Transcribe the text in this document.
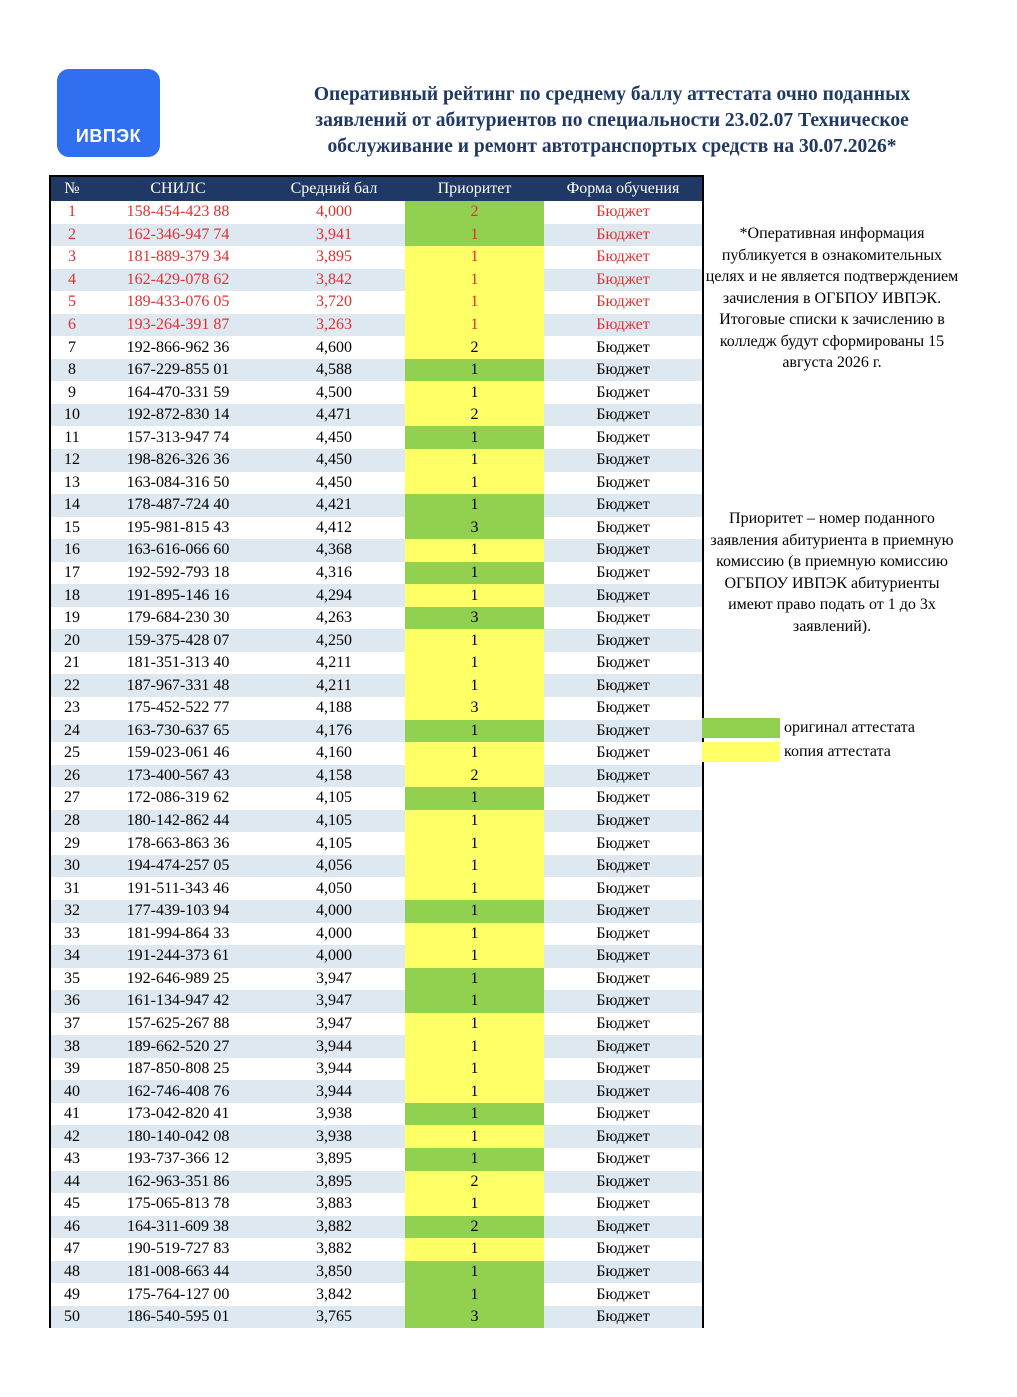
ИВПЭК
Оперативный рейтинг по среднему баллу аттестата очно поданных заявлений от абитуриентов по специальности 23.02.07 Техническое обслуживание и ремонт автотранспортых средств на 30.07.2026*
№	СНИЛС	Средний бал	Приоритет	Форма обучения
1	158-454-423 88	4,000	2	Бюджет
2	162-346-947 74	3,941	1	Бюджет
3	181-889-379 34	3,895	1	Бюджет
4	162-429-078 62	3,842	1	Бюджет
5	189-433-076 05	3,720	1	Бюджет
6	193-264-391 87	3,263	1	Бюджет
7	192-866-962 36	4,600	2	Бюджет
8	167-229-855 01	4,588	1	Бюджет
9	164-470-331 59	4,500	1	Бюджет
10	192-872-830 14	4,471	2	Бюджет
11	157-313-947 74	4,450	1	Бюджет
12	198-826-326 36	4,450	1	Бюджет
13	163-084-316 50	4,450	1	Бюджет
14	178-487-724 40	4,421	1	Бюджет
15	195-981-815 43	4,412	3	Бюджет
16	163-616-066 60	4,368	1	Бюджет
17	192-592-793 18	4,316	1	Бюджет
18	191-895-146 16	4,294	1	Бюджет
19	179-684-230 30	4,263	3	Бюджет
20	159-375-428 07	4,250	1	Бюджет
21	181-351-313 40	4,211	1	Бюджет
22	187-967-331 48	4,211	1	Бюджет
23	175-452-522 77	4,188	3	Бюджет
24	163-730-637 65	4,176	1	Бюджет
25	159-023-061 46	4,160	1	Бюджет
26	173-400-567 43	4,158	2	Бюджет
27	172-086-319 62	4,105	1	Бюджет
28	180-142-862 44	4,105	1	Бюджет
29	178-663-863 36	4,105	1	Бюджет
30	194-474-257 05	4,056	1	Бюджет
31	191-511-343 46	4,050	1	Бюджет
32	177-439-103 94	4,000	1	Бюджет
33	181-994-864 33	4,000	1	Бюджет
34	191-244-373 61	4,000	1	Бюджет
35	192-646-989 25	3,947	1	Бюджет
36	161-134-947 42	3,947	1	Бюджет
37	157-625-267 88	3,947	1	Бюджет
38	189-662-520 27	3,944	1	Бюджет
39	187-850-808 25	3,944	1	Бюджет
40	162-746-408 76	3,944	1	Бюджет
41	173-042-820 41	3,938	1	Бюджет
42	180-140-042 08	3,938	1	Бюджет
43	193-737-366 12	3,895	1	Бюджет
44	162-963-351 86	3,895	2	Бюджет
45	175-065-813 78	3,883	1	Бюджет
46	164-311-609 38	3,882	2	Бюджет
47	190-519-727 83	3,882	1	Бюджет
48	181-008-663 44	3,850	1	Бюджет
49	175-764-127 00	3,842	1	Бюджет
50	186-540-595 01	3,765	3	Бюджет
*Оперативная информация публикуется в ознакомительных целях и не является подтверждением зачисления в ОГБПОУ ИВПЭК. Итоговые списки к зачислению в колледж будут сформированы 15 августа 2026 г.
Приоритет – номер поданного заявления абитуриента в приемную комиссию (в приемную комиссию ОГБПОУ ИВПЭК абитуриенты имеют право подать от 1 до 3х заявлений).
оригинал аттестата
копия аттестата
